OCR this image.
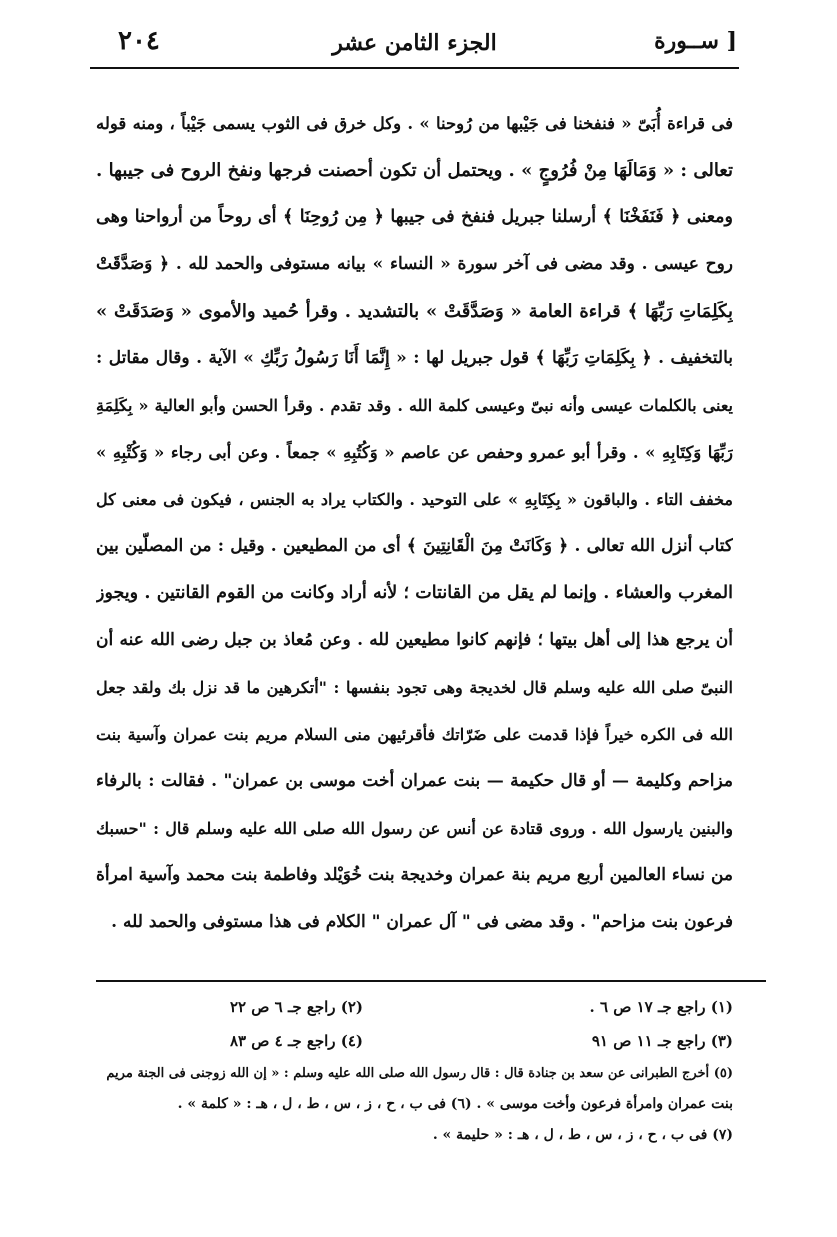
٢٠٤	الجزء الثامن عشر	[ ســورة
فى قراءة أُبَىّ « فنفخنا فى جَيْبها من رُوحنا » . وكل خرق فى الثوب يسمى جَيْباً ، ومنه قوله
تعالى : « وَمَالَهَا مِنْ فُرُوجٍ » . ويحتمل أن تكون أحصنت فرجها ونفخ الروح فى جيبها .
ومعنى ﴿ فَنَفَخْنَا ﴾ أرسلنا جبريل فنفخ فى جيبها ﴿ مِن رُوحِنَا ﴾ أى روحاً من أرواحنا وهى
روح عيسى . وقد مضى فى آخر سورة « النساء » بيانه مستوفى والحمد لله . ﴿ وَصَدَّقَتْ
بِكَلِمَاتِ رَبِّهَا ﴾ قراءة العامة « وَصَدَّقَتْ » بالتشديد . وقرأ حُميد والأموى « وَصَدَقَتْ »
بالتخفيف . ﴿ بِكَلِمَاتِ رَبِّهَا ﴾ قول جبريل لها : « إِنَّمَا أَنَا رَسُولُ رَبِّكِ » الآية . وقال مقاتل :
يعنى بالكلمات عيسى وأنه نبىّ وعيسى كلمة الله . وقد تقدم . وقرأ الحسن وأبو العالية « بِكَلِمَةِ
رَبِّهَا وَكِتَابِهِ » . وقرأ أبو عمرو وحفص عن عاصم « وَكُتُبِهِ » جمعاً . وعن أبى رجاء « وَكُتْبِهِ »
مخفف التاء . والباقون « بِكِتَابِهِ » على التوحيد . والكتاب يراد به الجنس ، فيكون فى معنى كل
كتاب أنزل الله تعالى . ﴿ وَكَانَتْ مِنَ الْقَانِتِينَ ﴾ أى من المطيعين . وقيل : من المصلّين بين
المغرب والعشاء . وإنما لم يقل من القانتات ؛ لأنه أراد وكانت من القوم القانتين . ويجوز
أن يرجع هذا إلى أهل بيتها ؛ فإنهم كانوا مطيعين لله . وعن مُعاذ بن جبل رضى الله عنه أن
النبىّ صلى الله عليه وسلم قال لخديجة وهى تجود بنفسها : "أتكرهين ما قد نزل بك ولقد جعل
الله فى الكره خيراً فإذا قدمت على ضَرّاتك فأقرئيهن منى السلام مريم بنت عمران وآسية بنت
مزاحم وكليمة — أو قال حكيمة — بنت عمران أخت موسى بن عمران" . فقالت : بالرفاء
والبنين يارسول الله . وروى قتادة عن أنس عن رسول الله صلى الله عليه وسلم قال : "حسبك
من نساء العالمين أربع مريم بنة عمران وخديجة بنت خُوَيْلد وفاطمة بنت محمد وآسية امرأة
فرعون بنت مزاحم" . وقد مضى فى " آل عمران " الكلام فى هذا مستوفى والحمد لله .
(١) راجع جـ ١٧ ص ٦ .
(٢) راجع جـ ٦ ص ٢٢
(٣) راجع جـ ١١ ص ٩١
(٤) راجع جـ ٤ ص ٨٣
(٥) أخرج الطبرانى عن سعد بن جنادة قال : قال رسول الله صلى الله عليه وسلم : « إن الله زوجنى فى الجنة مريم
بنت عمران وامرأة فرعون وأخت موسى » . (٦) فى ب ، ح ، ز ، س ، ط ، ل ، هـ : « كلمة » .
(٧) فى ب ، ح ، ز ، س ، ط ، ل ، هـ : « حليمة » .
